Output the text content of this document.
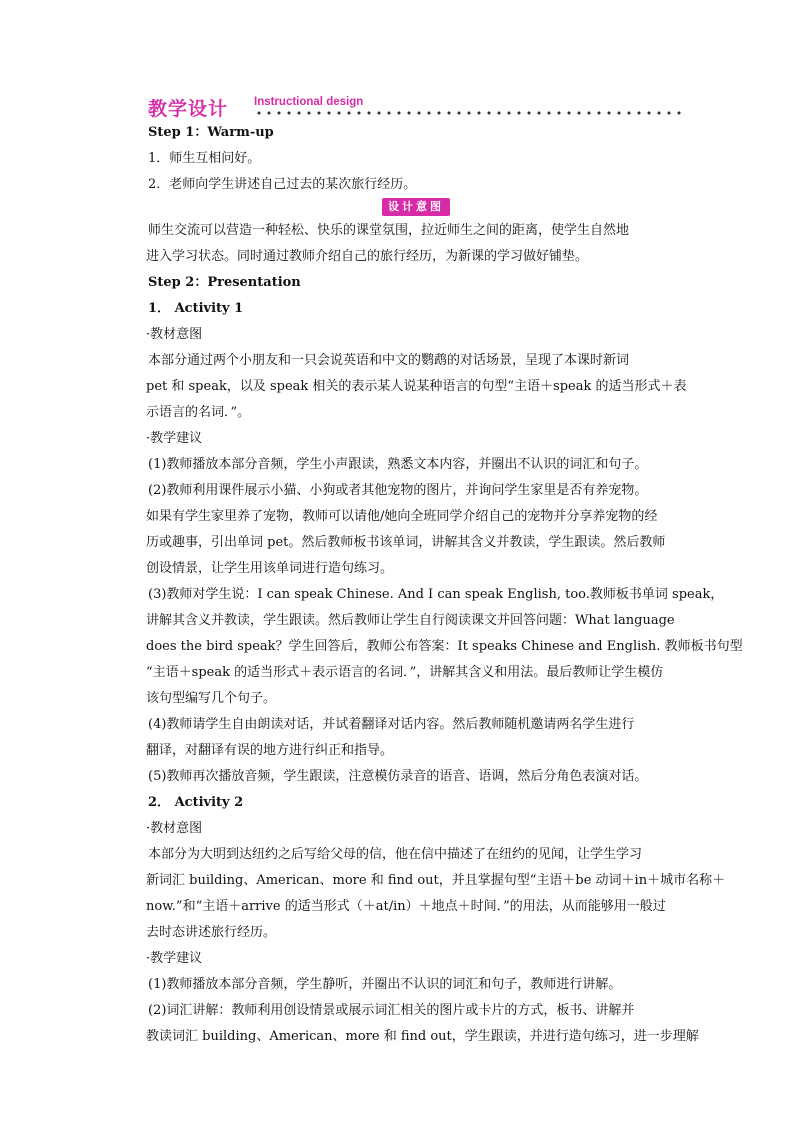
教学设计 Instructional design
Step 1：Warm-up
1．师生互相问好。
2．老师向学生讲述自己过去的某次旅行经历。
设计意图
师生交流可以营造一种轻松、快乐的课堂氛围，拉近师生之间的距离，使学生自然地
进入学习状态。同时通过教师介绍自己的旅行经历，为新课的学习做好铺垫。
Step 2：Presentation
1． Activity 1
·教材意图
本部分通过两个小朋友和一只会说英语和中文的鹦鹉的对话场景，呈现了本课时新词
pet 和 speak，以及 speak 相关的表示某人说某种语言的句型“主语＋speak 的适当形式＋表
示语言的名词．”。
·教学建议
(1)教师播放本部分音频，学生小声跟读，熟悉文本内容，并圈出不认识的词汇和句子。
(2)教师利用课件展示小猫、小狗或者其他宠物的图片，并询问学生家里是否有养宠物。
如果有学生家里养了宠物，教师可以请他/她向全班同学介绍自己的宠物并分享养宠物的经
历或趣事，引出单词 pet。然后教师板书该单词，讲解其含义并教读，学生跟读。然后教师
创设情景，让学生用该单词进行造句练习。
(3)教师对学生说：I can speak Chinese. And I can speak English, too.教师板书单词 speak，
讲解其含义并教读，学生跟读。然后教师让学生自行阅读课文并回答问题：What language
does the bird speak？学生回答后，教师公布答案：It speaks Chinese and English. 教师板书句型
“主语＋speak 的适当形式＋表示语言的名词．”，讲解其含义和用法。最后教师让学生模仿
该句型编写几个句子。
(4)教师请学生自由朗读对话，并试着翻译对话内容。然后教师随机邀请两名学生进行
翻译，对翻译有误的地方进行纠正和指导。
(5)教师再次播放音频，学生跟读，注意模仿录音的语音、语调，然后分角色表演对话。
2． Activity 2
·教材意图
本部分为大明到达纽约之后写给父母的信，他在信中描述了在纽约的见闻，让学生学习
新词汇 building、American、more 和 find out，并且掌握句型“主语＋be 动词＋in＋城市名称＋
now.”和“主语＋arrive 的适当形式（＋at/in）＋地点＋时间．”的用法，从而能够用一般过
去时态讲述旅行经历。
·教学建议
(1)教师播放本部分音频，学生静听，并圈出不认识的词汇和句子，教师进行讲解。
(2)词汇讲解：教师利用创设情景或展示词汇相关的图片或卡片的方式，板书、讲解并
教读词汇 building、American、more 和 find out，学生跟读，并进行造句练习，进一步理解
